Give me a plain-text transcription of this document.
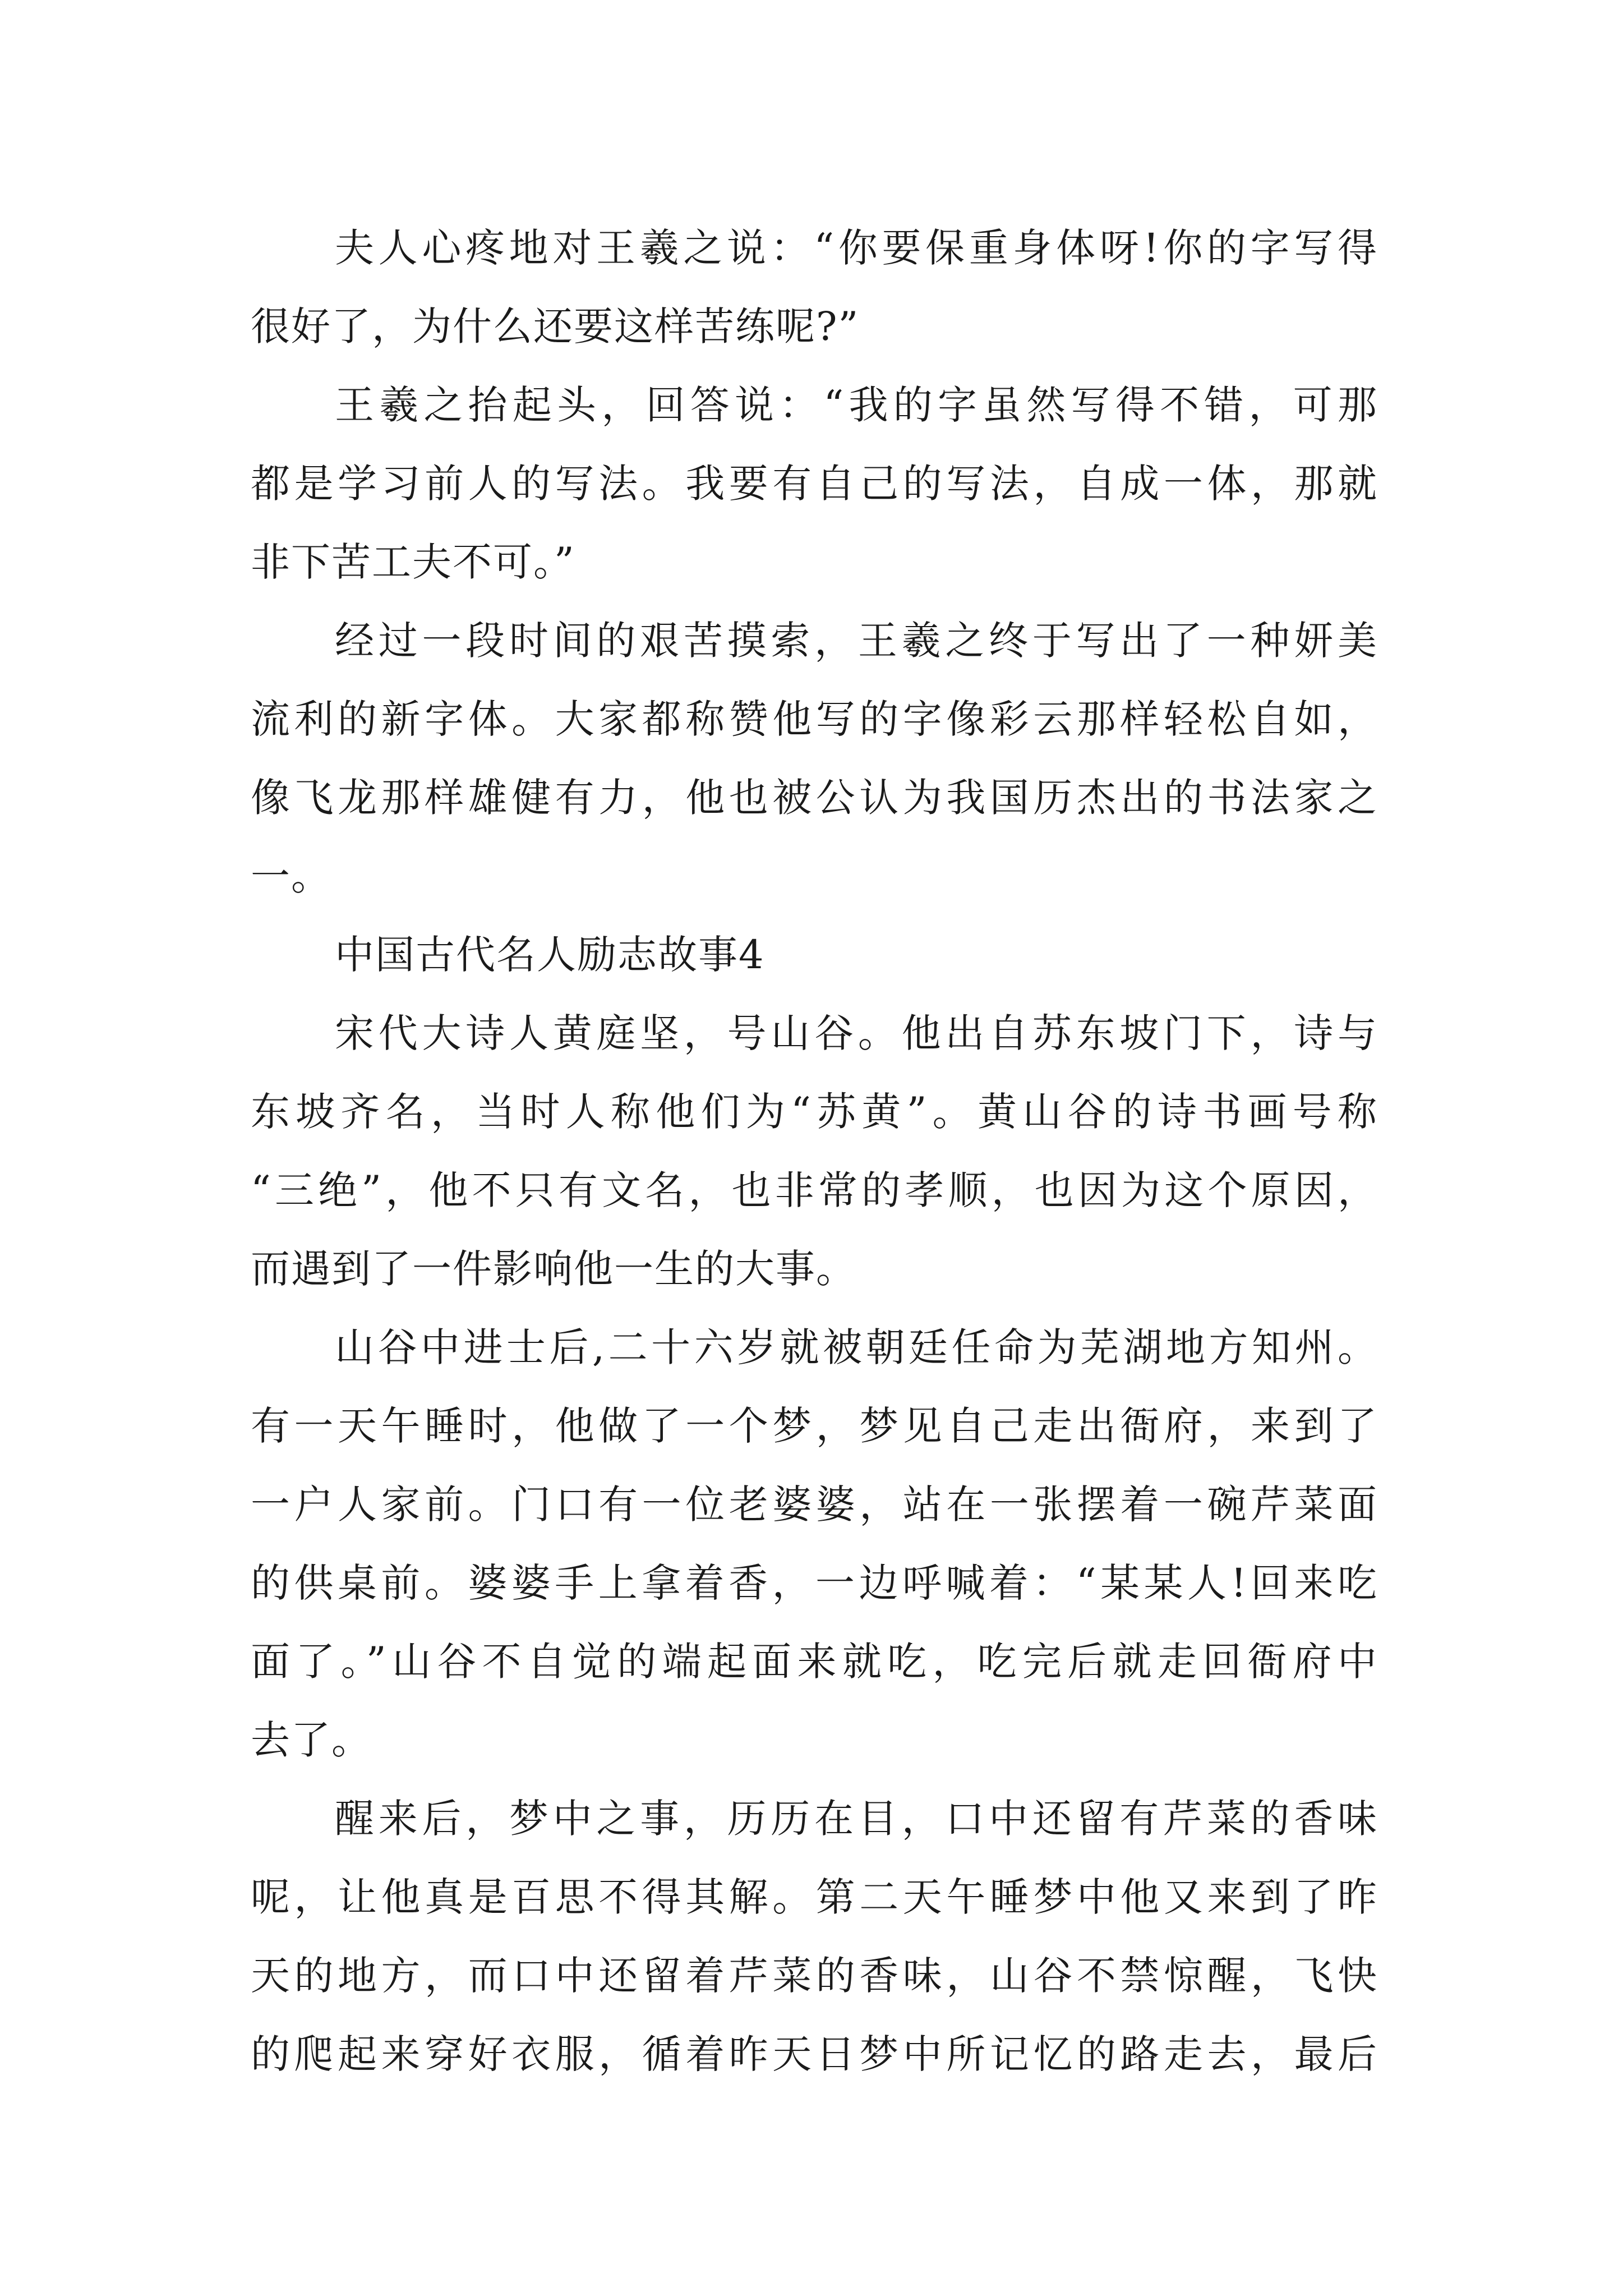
夫人心疼地对王羲之说：“你要保重身体呀!你的字写得
很好了，为什么还要这样苦练呢?”
王羲之抬起头，回答说：“我的字虽然写得不错，可那
都是学习前人的写法。我要有自己的写法，自成一体，那就
非下苦工夫不可。”
经过一段时间的艰苦摸索，王羲之终于写出了一种妍美
流利的新字体。大家都称赞他写的字像彩云那样轻松自如，
像飞龙那样雄健有力，他也被公认为我国历杰出的书法家之
一。
中国古代名人励志故事4
宋代大诗人黄庭坚，号山谷。他出自苏东坡门下，诗与
东坡齐名，当时人称他们为“苏黄”。黄山谷的诗书画号称
“三绝”，他不只有文名，也非常的孝顺，也因为这个原因，
而遇到了一件影响他一生的大事。
山谷中进士后,二十六岁就被朝廷任命为芜湖地方知州。
有一天午睡时，他做了一个梦，梦见自己走出衙府，来到了
一户人家前。门口有一位老婆婆，站在一张摆着一碗芹菜面
的供桌前。婆婆手上拿着香，一边呼喊着：“某某人!回来吃
面了。”山谷不自觉的端起面来就吃，吃完后就走回衙府中
去了。
醒来后，梦中之事，历历在目，口中还留有芹菜的香味
呢，让他真是百思不得其解。第二天午睡梦中他又来到了昨
天的地方，而口中还留着芹菜的香味，山谷不禁惊醒，飞快
的爬起来穿好衣服，循着昨天日梦中所记忆的路走去，最后
